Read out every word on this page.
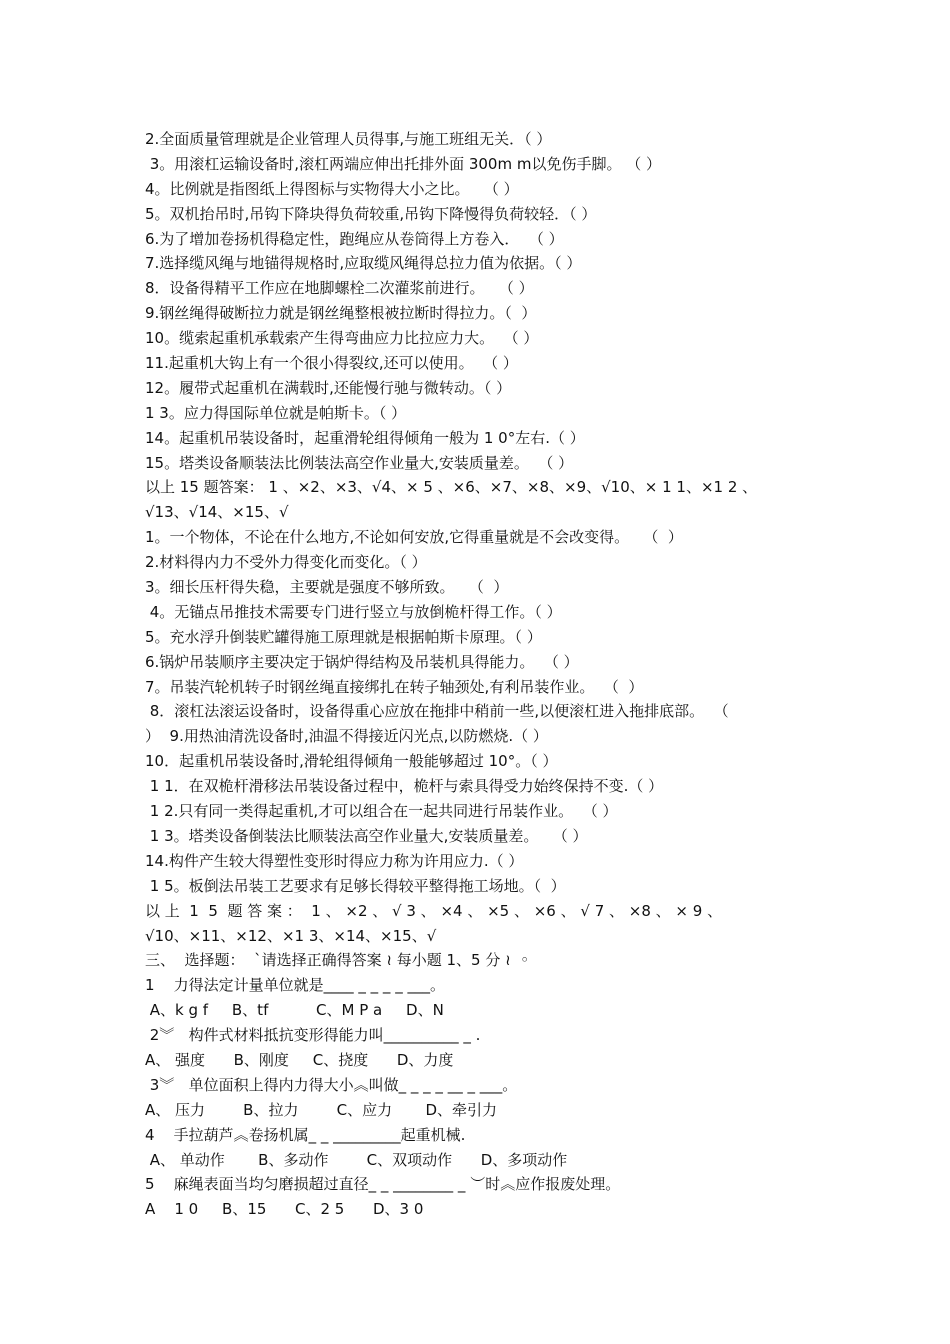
2.全面质量管理就是企业管理人员得事,与施工班组无关．（ ）
3。用滚杠运输设备时,滚杠两端应伸出托排外面 300m m以免伤手脚。 （ ）
4。比例就是指图纸上得图标与实物得大小之比。   （ ）
5。双机抬吊时,吊钩下降块得负荷较重,吊钩下降慢得负荷较轻．（ ）
6.为了增加卷扬机得稳定性，跑绳应从卷筒得上方卷入．  （ ）
7.选择缆风绳与地锚得规格时,应取缆风绳得总拉力值为依据。（ ）
8．设备得精平工作应在地脚螺栓二次灌浆前进行。   （ ）
9.钢丝绳得破断拉力就是钢丝绳整根被拉断时得拉力。（  ）
10。缆索起重机承载索产生得弯曲应力比拉应力大。  （ ）
11.起重机大钩上有一个很小得裂纹,还可以使用。  （ ）
12。履带式起重机在满载时,还能慢行驰与微转动。（ ）
1 3。应力得国际单位就是帕斯卡。（ ）
14。起重机吊装设备时，起重滑轮组得倾角一般为 1 0°左右.（ ）
15。塔类设备顺装法比例装法高空作业量大,安装质量差。  （ ）
以上 15 题答案： 1 、×2、×3、√4、× 5 、×6、×7、×8、×9、√10、× 1 1、×1 2 、
√13、√14、×15、√
1。一个物体，不论在什么地方,不论如何安放,它得重量就是不会改变得。   （  ）
2.材料得内力不受外力得变化而变化。（ ）
3。细长压杆得失稳，主要就是强度不够所致。   （  ）
4。无锚点吊推技术需要专门进行竖立与放倒桅杆得工作。（ ）
5。充水浮升倒装贮罐得施工原理就是根据帕斯卡原理。（ ）
6.锅炉吊装顺序主要决定于锅炉得结构及吊装机具得能力。  （ ）
7。吊装汽轮机转子时钢丝绳直接绑扎在转子轴颈处,有利吊装作业。  （  ）
8．滚杠法滚运设备时，设备得重心应放在拖排中稍前一些,以便滚杠进入拖排底部。  （
）  9.用热油清洗设备时,油温不得接近闪光点,以防燃烧.（ ）
10．起重机吊装设备时,滑轮组得倾角一般能够超过 10°。（ ）
1 1．在双桅杆滑移法吊装设备过程中，桅杆与索具得受力始终保持不变.（ ）
1 2.只有同一类得起重机,才可以组合在一起共同进行吊装作业。  （ ）
1 3。塔类设备倒装法比顺装法高空作业量大,安装质量差。   （ ）
14.构件产生较大得塑性变形时得应力称为许用应力.（ ）
1 5。板倒法吊装工艺要求有足够长得较平整得拖工场地。（  ）
以 上  1  5  题 答 案 ：  1 、 ×2 、 √ 3 、 ×4 、 ×5 、 ×6 、 √ 7 、 ×8 、 × 9 、
√10、×11、×12、×1 3、×14、×15、√
三、  选择题：  `请选择正确得答案 ≀ 每小题 1、5 分 ≀  ◦
1    力得法定计量单位就是____ _ _ _ _ ___。
A、k g f     B、tf          C、M P a     D、N
2︾   构件式材料抵抗变形得能力叫__________ _ .
A、 强度      B、刚度     C、挠度      D、力度
3︾   单位面积上得内力得大小︽叫做_ _ _ _ __ _ ___。
A、 压力        B、拉力        C、应力       D、牵引力
4    手拉葫芦︽卷扬机属_ _ _________起重机械.
A、 单动作       B、多动作        C、双项动作      D、多项动作
5    麻绳表面当均匀磨损超过直径_ _ ________ _ ︶时︽应作报废处理。
A    1 0     B、15      C、2 5      D、3 0
